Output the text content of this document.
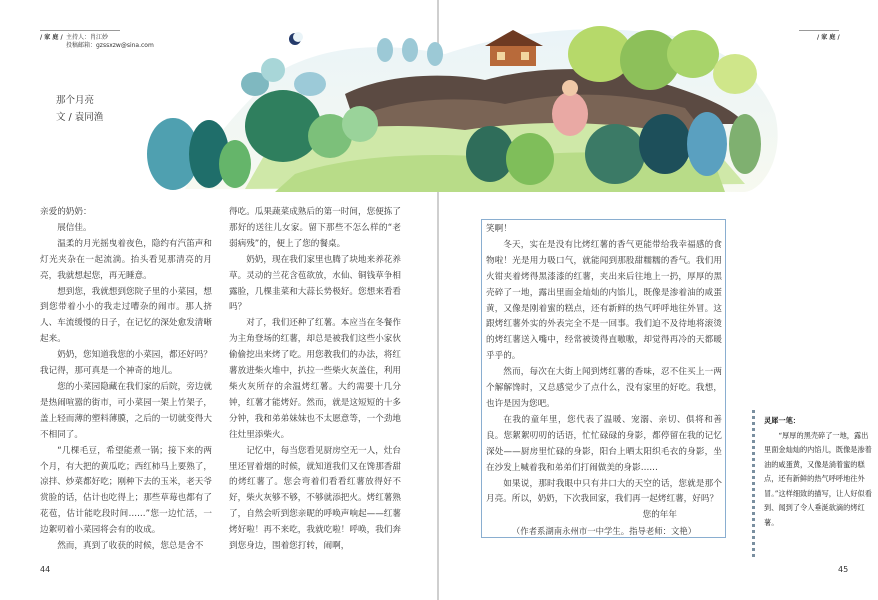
/ 家 庭 / 主持人：肖江妙
投稿邮箱：gzssxzw@sina.com
那个月亮
文 / 袁同渔

亲爱的奶奶：

展信佳。

温柔的月光摇曳着夜色，隐约有汽笛声和灯光夹杂在一起流淌。抬头看见那清亮的月亮，我就想起您，再无睡意。

想到您，我就想到您院子里的小菜园，想到您带着小小的我走过嘈杂的闹市。那人挤人、车流缓慢的日子，在记忆的深处愈发清晰起来。

奶奶，您知道我您的小菜园，都还好吗？我记得，那可真是一个神奇的地儿。

您的小菜园隐藏在我们家的后院，旁边就是热闹喧嚣的街市，可小菜园一架上竹架子，盖上轻而薄的塑料薄膜，之后的一切就变得大不相同了。

“几棵毛豆，希望能煮一锅；接下来的两个月，有大把的黄瓜吃；西红柿马上要熟了，凉拌、炒菜都好吃；刚种下去的玉米，老天爷赏脸的话，估计也吃得上；那些草莓也都有了花苞，估计能吃段时间……”您一边忙活，一边絮叨着小菜园将会有的收成。

然而，真到了收获的时候，您总是舍不

得吃。瓜果蔬菜成熟后的第一时间，您便拣了那好的送往儿女家。留下那些不怎么样的“老弱病残”的，便上了您的餐桌。

奶奶，现在我们家里也腾了块地来养花养草。灵动的兰花含苞欲放，水仙、铜钱草争相露脸，几棵韭菜和大蒜长势极好。您想来看看吗？

对了，我们还种了红薯。本应当在冬餐作为主角登场的红薯，却总是被我们这些小家伙偷偷挖出来烤了吃。用您教我们的办法，将红薯放进柴火堆中，扒拉一些柴火灰盖住，利用柴火灰所存的余温烤红薯。大约需要十几分钟，红薯才能烤好。然而，就是这短短的十多分钟，我和弟弟妹妹也不太愿意等，一个劲地往灶里添柴火。

记忆中，每当您看见厨房空无一人，灶台里还冒着烟的时候，就知道我们又在馋那香甜的烤红薯了。您会弯着们看看红薯放得好不好，柴火灰够不够，不够就添把火。烤红薯熟了，自然会听到您亲昵的呼唤声响起——红薯烤好啦！再不来吃，我就吃啦！呼唤，我们奔到您身边，围着您打转，闹啊，

44
/ 家 庭 /

笑啊！

冬天，实在是没有比烤红薯的香气更能带给我幸福感的食物啦！光是用力吸口气，就能闻到那股甜糯糯的香气。我们用火钳夹着烤得黑漆漆的红薯，夹出来后往地上一扔，厚厚的黑壳碎了一地，露出里面金灿灿的内馅儿，既像是渗着油的咸蛋黄，又像是刚着蜜的糕点，还有新鲜的热气呼呼地往外冒。这跟烤红薯外实的外表完全不是一回事。我们迫不及待地将滚烫的烤红薯送入嘴中，经常被烫得直嗷嗷，却觉得再冷的天都暖乎乎的。

然而，每次在大街上闻到烤红薯的香味，忍不住买上一两个解解馋时，又总感觉少了点什么，没有家里的好吃。我想，也许是因为您吧。

在我的童年里，您代表了温暖、宠溺、亲切、俱将和善良。您絮絮叨叨的话语，忙忙碌碌的身影，都停留在我的记忆深处——厨房里忙碌的身影，阳台上晒太阳织毛衣的身影，坐在沙发上喊着我和弟弟们打闹做美的身影……

如果说，那时我眼中只有井口大的天空的话，您就是那个月亮。所以，奶奶，下次我回家，我们再一起烤红薯，好吗？

您的年年

（作者系湖南永州市一中学生。指导老师：文艳）

45
灵犀一笔：
“厚厚的黑壳碎了一地，露出里面金灿灿的内馅儿，既像是渗着油的咸蛋黄，又像是淌着蜜的糕点，还有新鲜的热气呼呼地往外冒。”这样细致的描写，让人好似看到、闻到了令人垂涎欲滴的烤红薯。
